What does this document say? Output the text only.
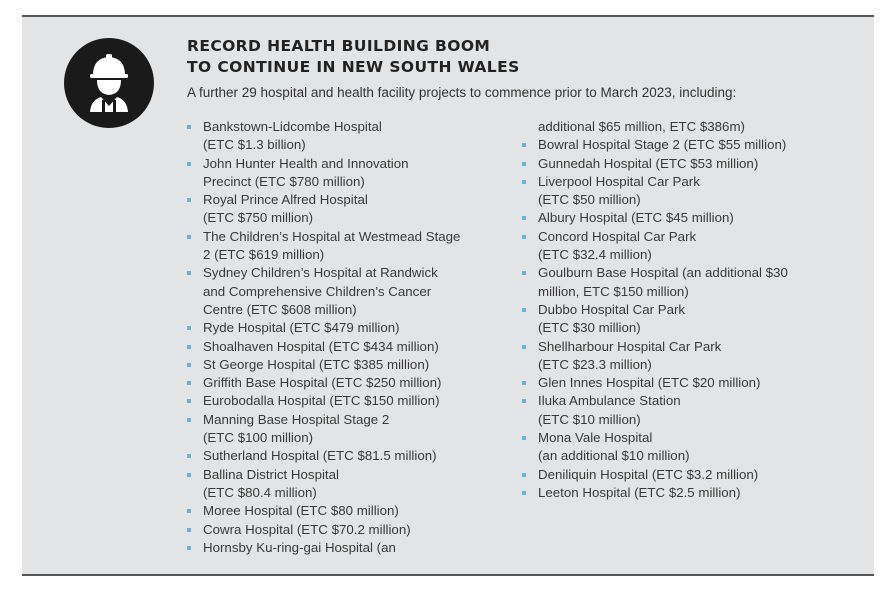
RECORD HEALTH BUILDING BOOM
TO CONTINUE IN NEW SOUTH WALES
A further 29 hospital and health facility projects to commence prior to March 2023, including:
Bankstown-Lidcombe Hospital
(ETC $1.3 billion)
John Hunter Health and Innovation
Precinct (ETC $780 million)
Royal Prince Alfred Hospital
(ETC $750 million)
The Children’s Hospital at Westmead Stage
2 (ETC $619 million)
Sydney Children’s Hospital at Randwick
and Comprehensive Children’s Cancer
Centre (ETC $608 million)
Ryde Hospital (ETC $479 million)
Shoalhaven Hospital (ETC $434 million)
St George Hospital (ETC $385 million)
Griffith Base Hospital (ETC $250 million)
Eurobodalla Hospital (ETC $150 million)
Manning Base Hospital Stage 2
(ETC $100 million)
Sutherland Hospital (ETC $81.5 million)
Ballina District Hospital
(ETC $80.4 million)
Moree Hospital (ETC $80 million)
Cowra Hospital (ETC $70.2 million)
Hornsby Ku-ring-gai Hospital (an
additional $65 million, ETC $386m)
Bowral Hospital Stage 2 (ETC $55 million)
Gunnedah Hospital (ETC $53 million)
Liverpool Hospital Car Park
(ETC $50 million)
Albury Hospital (ETC $45 million)
Concord Hospital Car Park
(ETC $32.4 million)
Goulburn Base Hospital (an additional $30
million, ETC $150 million)
Dubbo Hospital Car Park
(ETC $30 million)
Shellharbour Hospital Car Park
(ETC $23.3 million)
Glen Innes Hospital (ETC $20 million)
Iluka Ambulance Station
(ETC $10 million)
Mona Vale Hospital
(an additional $10 million)
Deniliquin Hospital (ETC $3.2 million)
Leeton Hospital (ETC $2.5 million)
